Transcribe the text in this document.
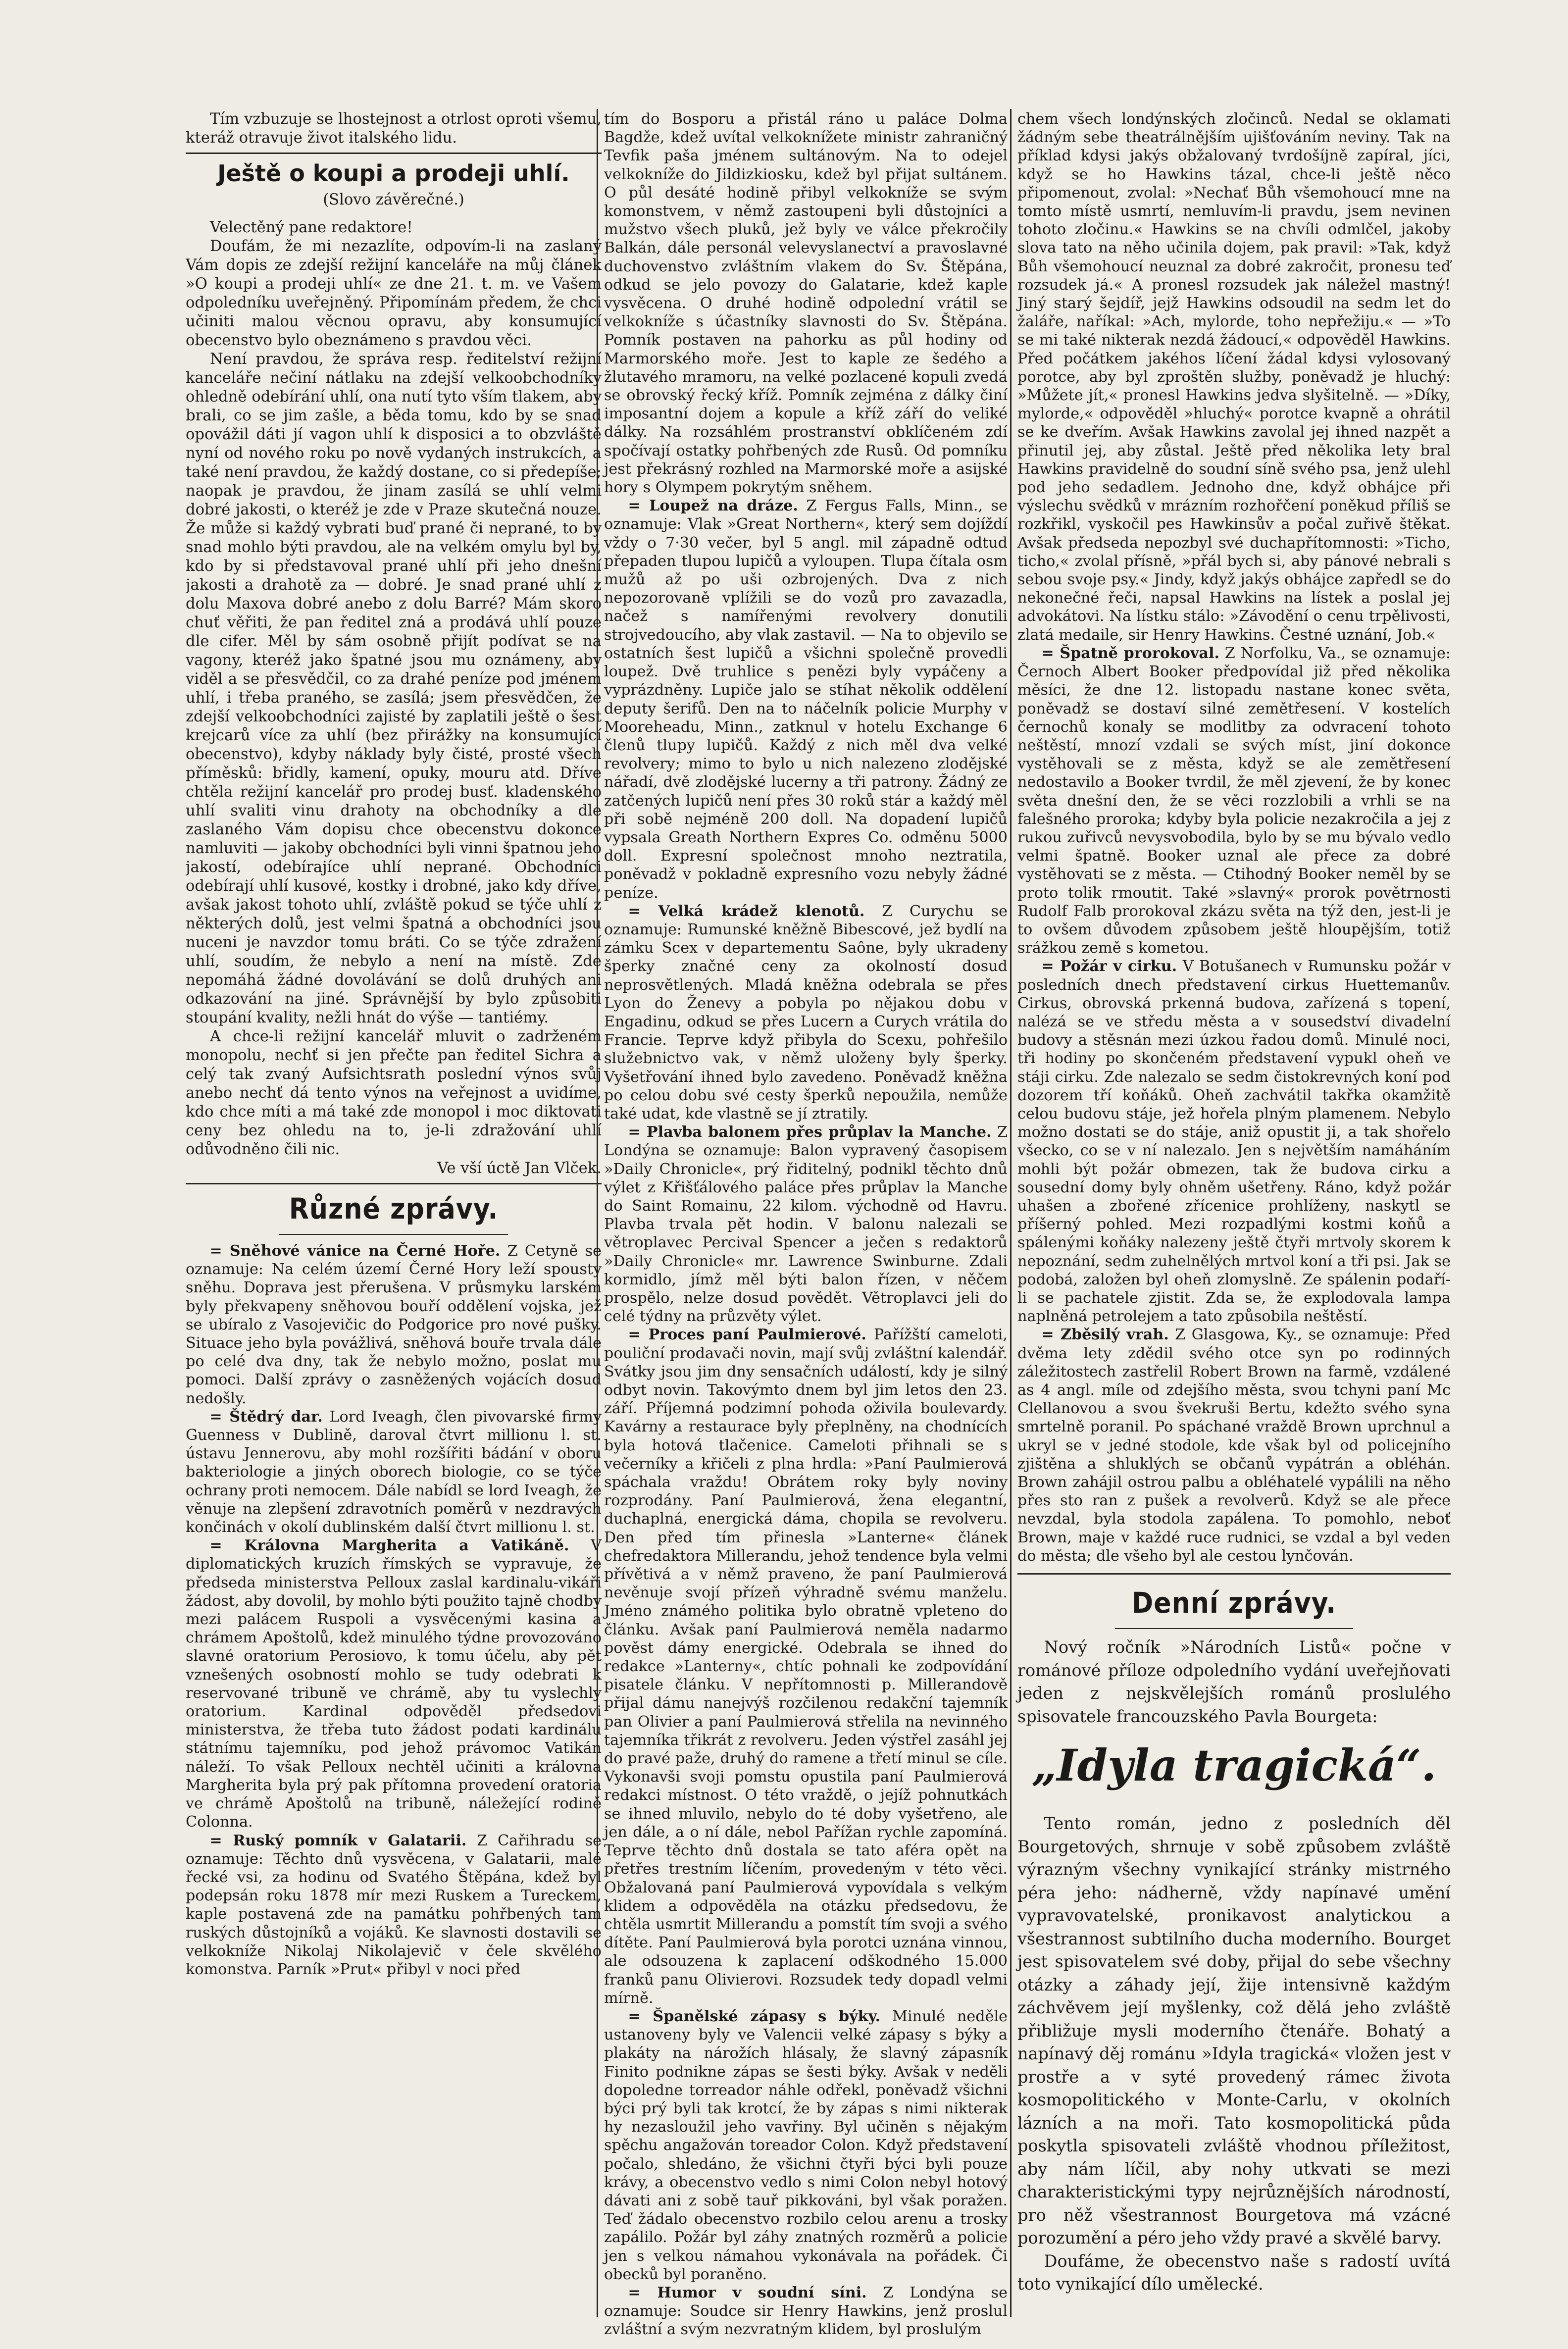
Tím vzbuzuje se lhostejnost a otrlost oproti všemu, kteráž otravuje život italského lidu.

Ještě o koupi a prodeji uhlí.

(Slovo závěrečné.)

Velectěný pane redaktore!

Doufám, že mi nezazlíte, odpovím-li na zaslaný Vám dopis ze zdejší režijní kanceláře na můj článek »O koupi a prodeji uhlí« ze dne 21. t. m. ve Vašem odpoledníku uveřejněný. Připomínám předem, že chci učiniti malou věcnou opravu, aby konsumující obecenstvo bylo obeznámeno s pravdou věci.

Není pravdou, že správa resp. ředitelství režijní kanceláře nečiní nátlaku na zdejší velkoobchodníky ohledně odebírání uhlí, ona nutí tyto vším tlakem, aby brali, co se jim zašle, a běda tomu, kdo by se snad opovážil dáti jí vagon uhlí k disposici a to obzvláště nyní od nového roku po nově vydaných instrukcích, a také není pravdou, že každý dostane, co si předepíše; naopak je pravdou, že jinam zasílá se uhlí velmi dobré jakosti, o kteréž je zde v Praze skutečná nouze. Že může si každý vybrati buď prané či neprané, to by snad mohlo býti pravdou, ale na velkém omylu byl by, kdo by si představoval prané uhlí při jeho dnešní jakosti a drahotě za — dobré. Je snad prané uhlí z dolu Maxova dobré anebo z dolu Barré? Mám skoro chuť věřiti, že pan ředitel zná a prodává uhlí pouze dle cifer. Měl by sám osobně přijít podívat se na vagony, kteréž jako špatné jsou mu oznámeny, aby viděl a se přesvědčil, co za drahé peníze pod jménem uhlí, i třeba praného, se zasílá; jsem přesvědčen, že zdejší velkoobchodníci zajisté by zaplatili ještě o šest krejcarů více za uhlí (bez přirážky na konsumující obecenstvo), kdyby náklady byly čisté, prosté všech příměsků: břidly, kamení, opuky, mouru atd. Dříve chtěla režijní kancelář pro prodej busť. kladenského uhlí svaliti vinu drahoty na obchodníky a dle zaslaného Vám dopisu chce obecenstvu dokonce namluviti — jakoby obchodníci byli vinni špatnou jeho jakostí, odebírajíce uhlí neprané. Obchodníci odebírají uhlí kusové, kostky i drobné, jako kdy dříve, avšak jakost tohoto uhlí, zvláště pokud se týče uhlí z některých dolů, jest velmi špatná a obchodníci jsou nuceni je navzdor tomu bráti. Co se týče zdražení uhlí, soudím, že nebylo a není na místě. Zde nepomáhá žádné dovolávání se dolů druhých ani odkazování na jiné. Správnější by bylo způsobiti stoupání kvality, nežli hnát do výše — tantiémy.

A chce-li režijní kancelář mluvit o zadrženém monopolu, nechť si jen přečte pan ředitel Sichra a celý tak zvaný Aufsichtsrath poslední výnos svůj anebo nechť dá tento výnos na veřejnost a uvidíme, kdo chce míti a má také zde monopol i moc diktovati ceny bez ohledu na to, je-li zdražování uhlí odůvodněno čili nic.

Ve vší úctě Jan Vlček.

Různé zprávy.

= Sněhové vánice na Černé Hoře. Z Cetyně se oznamuje: Na celém území Černé Hory leží spousty sněhu. Doprava jest přerušena. V průsmyku larském byly překvapeny sněhovou bouří oddělení vojska, jež se ubíralo z Vasojevičic do Podgorice pro nové pušky. Situace jeho byla povážlivá, sněhová bouře trvala dále po celé dva dny, tak že nebylo možno, poslat mu pomoci. Další zprávy o zasněžených vojácích dosud nedošly.

= Štědrý dar. Lord Iveagh, člen pivovarské firmy Guenness v Dublině, daroval čtvrt millionu l. st. ústavu Jennerovu, aby mohl rozšířiti bádání v oboru bakteriologie a jiných oborech biologie, co se týče ochrany proti nemocem. Dále nabídl se lord Iveagh, že věnuje na zlepšení zdravotních poměrů v nezdravých končinách v okolí dublinském další čtvrt millionu l. st.

= Královna Margherita a Vatikáně. V diplomatických kruzích římských se vypravuje, že předseda ministerstva Pelloux zaslal kardinalu-vikáři žádost, aby dovolil, by mohlo býti použito tajně chodby mezi palácem Ruspoli a vysvěcenými kasina a chrámem Apoštolů, kdež minulého týdne provozováno slavné oratorium Perosiovo, k tomu účelu, aby pět vznešených osobností mohlo se tudy odebrati k reservované tribuně ve chrámě, aby tu vyslechly oratorium. Kardinal odpověděl předsedovi ministerstva, že třeba tuto žádost podati kardinálu státnímu tajemníku, pod jehož právomoc Vatikán náleží. To však Pelloux nechtěl učiniti a královna Margherita byla prý pak přítomna provedení oratoria ve chrámě Apoštolů na tribuně, náležející rodině Colonna.

= Ruský pomník v Galatarii. Z Cařihradu se oznamuje: Těchto dnů vysvěcena, v Galatarii, malé řecké vsi, za hodinu od Svatého Štěpána, kdež byl podepsán roku 1878 mír mezi Ruskem a Tureckem, kaple postavená zde na památku pohřbených tam ruských důstojníků a vojáků. Ke slavnosti dostavili se velkokníže Nikolaj Nikolajevič v čele skvělého komonstva. Parník »Prut« přibyl v noci před

tím do Bosporu a přistál ráno u paláce Dolma Bagdže, kdež uvítal velkoknížete ministr zahraničný Tevfik paša jménem sultánovým. Na to odejel velkokníže do Jildizkiosku, kdež byl přijat sultánem. O půl desáté hodině přibyl velkokníže se svým komonstvem, v němž zastoupeni byli důstojníci a mužstvo všech pluků, jež byly ve válce překročily Balkán, dále personál velevyslanectví a pravoslavné duchovenstvo zvláštním vlakem do Sv. Štěpána, odkud se jelo povozy do Galatarie, kdež kaple vysvěcena. O druhé hodině odpolední vrátil se velkokníže s účastníky slavnosti do Sv. Štěpána. Pomník postaven na pahorku as půl hodiny od Marmorského moře. Jest to kaple ze šedého a žlutavého mramoru, na velké pozlacené kopuli zvedá se obrovský řecký kříž. Pomník zejména z dálky činí imposantní dojem a kopule a kříž září do veliké dálky. Na rozsáhlém prostranství obklíčeném zdí spočívají ostatky pohřbených zde Rusů. Od pomníku jest překrásný rozhled na Marmorské moře a asijské hory s Olympem pokrytým sněhem.

= Loupež na dráze. Z Fergus Falls, Minn., se oznamuje: Vlak »Great Northern«, který sem dojíždí vždy o 7·30 večer, byl 5 angl. mil západně odtud přepaden tlupou lupičů a vyloupen. Tlupa čítala osm mužů až po uši ozbrojených. Dva z nich nepozorovaně vplížili se do vozů pro zavazadla, načež s namířenými revolvery donutili strojvedoucího, aby vlak zastavil. — Na to objevilo se ostatních šest lupičů a všichni společně provedli loupež. Dvě truhlice s penězi byly vypáčeny a vyprázdněny. Lupiče jalo se stíhat několik oddělení deputy šerifů. Den na to náčelník policie Murphy v Mooreheadu, Minn., zatknul v hotelu Exchange 6 členů tlupy lupičů. Každý z nich měl dva velké revolvery; mimo to bylo u nich nalezeno zlodějské nářadí, dvě zlodějské lucerny a tři patrony. Žádný ze zatčených lupičů není přes 30 roků stár a každý měl při sobě nejméně 200 doll. Na dopadení lupičů vypsala Greath Northern Expres Co. odměnu 5000 doll. Expresní společnost mnoho neztratila, poněvadž v pokladně expresního vozu nebyly žádné peníze.

= Velká krádež klenotů. Z Curychu se oznamuje: Rumunské kněžně Bibescové, jež bydlí na zámku Scex v departementu Saône, byly ukradeny šperky značné ceny za okolností dosud neprosvětlených. Mladá kněžna odebrala se přes Lyon do Ženevy a pobyla po nějakou dobu v Engadinu, odkud se přes Lucern a Curych vrátila do Francie. Teprve když přibyla do Scexu, pohřešilo služebnictvo vak, v němž uloženy byly šperky. Vyšetřování ihned bylo zavedeno. Poněvadž kněžna po celou dobu své cesty šperků nepoužila, nemůže také udat, kde vlastně se jí ztratily.

= Plavba balonem přes průplav la Manche. Z Londýna se oznamuje: Balon vypravený časopisem »Daily Chronicle«, prý řiditelný, podnikl těchto dnů výlet z Křišťálového paláce přes průplav la Manche do Saint Romainu, 22 kilom. východně od Havru. Plavba trvala pět hodin. V balonu nalezali se větroplavec Percival Spencer a ječen s redaktorů »Daily Chronicle« mr. Lawrence Swinburne. Zdali kormidlo, jímž měl býti balon řízen, v něčem prospělo, nelze dosud povědět. Větroplavci jeli do celé týdny na průzvěty výlet.

= Proces paní Paulmierové. Pařížští cameloti, pouliční prodavači novin, mají svůj zvláštní kalendář. Svátky jsou jim dny sensačních událostí, kdy je silný odbyt novin. Takovýmto dnem byl jim letos den 23. září. Příjemná podzimní pohoda oživila boulevardy. Kavárny a restaurace byly přeplněny, na chodnících byla hotová tlačenice. Cameloti přihnali se s večerníky a křičeli z plna hrdla: »Paní Paulmierová spáchala vraždu! Obrátem roky byly noviny rozprodány. Paní Paulmierová, žena elegantní, duchaplná, energická dáma, chopila se revolveru. Den před tím přinesla »Lanterne« článek chefredaktora Millerandu, jehož tendence byla velmi přívětivá a v němž praveno, že paní Paulmierová nevěnuje svojí přízeň výhradně svému manželu. Jméno známého politika bylo obratně vpleteno do článku. Avšak paní Paulmierová neměla nadarmo pověst dámy energické. Odebrala se ihned do redakce »Lanterny«, chtíc pohnali ke zodpovídání pisatele článku. V nepřítomnosti p. Millerandově přijal dámu nanejvýš rozčilenou redakční tajemník pan Olivier a paní Paulmierová střelila na nevinného tajemníka třikrát z revolveru. Jeden výstřel zasáhl jej do pravé paže, druhý do ramene a třetí minul se cíle. Vykonavši svoji pomstu opustila paní Paulmierová redakci místnost. O této vraždě, o jejíž pohnutkách se ihned mluvilo, nebylo do té doby vyšetřeno, ale jen dále, a o ní dále, nebol Pařížan rychle zapomíná. Teprve těchto dnů dostala se tato aféra opět na přetřes trestním líčením, provedeným v této věci. Obžalovaná paní Paulmierová vypovídala s velkým klidem a odpověděla na otázku předsedovu, že chtěla usmrtit Millerandu a pomstít tím svoji a svého dítěte. Paní Paulmierová byla porotci uznána vinnou, ale odsouzena k zaplacení odškodného 15.000 franků panu Olivierovi. Rozsudek tedy dopadl velmi mírně.

= Španělské zápasy s býky. Minulé neděle ustanoveny byly ve Valencii velké zápasy s býky a plakáty na nárožích hlásaly, že slavný zápasník Finito podnikne zápas se šesti býky. Avšak v neděli dopoledne torreador náhle odřekl, poněvadž všichni býci prý byli tak krotcí, že by zápas s nimi nikterak hy nezasloužil jeho vavřiny. Byl učiněn s nějakým spěchu angažován toreador Colon. Když představení počalo, shledáno, že všichni čtyři býci byli pouze krávy, a obecenstvo vedlo s nimi Colon nebyl hotový dávati ani z sobě tauř pikkováni, byl však poražen. Teď žádalo obecenstvo rozbilo celou arenu a trosky zapálilo. Požár byl záhy znatných rozměrů a policie jen s velkou námahou vykonávala na pořádek. Či obecků byl poraněno.

= Humor v soudní síni. Z Londýna se oznamuje: Soudce sir Henry Hawkins, jenž proslul zvláštní a svým nezvratným klidem, byl proslulým

chem všech londýnských zločinců. Nedal se oklamati žádným sebe theatrálnějším ujišťováním neviny. Tak na příklad kdysi jakýs obžalovaný tvrdošíjně zapíral, jíci, když se ho Hawkins tázal, chce-li ještě něco připomenout, zvolal: »Nechať Bůh všemohoucí mne na tomto místě usmrtí, nemluvím-li pravdu, jsem nevinen tohoto zločinu.« Hawkins se na chvíli odmlčel, jakoby slova tato na něho učinila dojem, pak pravil: »Tak, když Bůh všemohoucí neuznal za dobré zakročit, pronesu teď rozsudek já.« A pronesl rozsudek jak náležel mastný! Jiný starý šejdíř, jejž Hawkins odsoudil na sedm let do žaláře, naříkal: »Ach, mylorde, toho nepřežiju.« — »To se mi také nikterak nezdá žádoucí,« odpověděl Hawkins. Před počátkem jakéhos líčení žádal kdysi vylosovaný porotce, aby byl zproštěn služby, poněvadž je hluchý: »Můžete jít,« pronesl Hawkins jedva slyšitelně. — »Díky, mylorde,« odpověděl »hluchý« porotce kvapně a ohrátil se ke dveřím. Avšak Hawkins zavolal jej ihned nazpět a přinutil jej, aby zůstal. Ještě před několika lety bral Hawkins pravidelně do soudní síně svého psa, jenž ulehl pod jeho sedadlem. Jednoho dne, když obhájce při výslechu svědků v mrázním rozhořčení poněkud příliš se rozkřikl, vyskočil pes Hawkinsův a počal zuřivě štěkat. Avšak předseda nepozbyl své duchapřítomnosti: »Ticho, ticho,« zvolal přísně, »přál bych si, aby pánové nebrali s sebou svoje psy.« Jindy, když jakýs obhájce zapředl se do nekonečné řeči, napsal Hawkins na lístek a poslal jej advokátovi. Na lístku stálo: »Závodění o cenu trpělivosti, zlatá medaile, sir Henry Hawkins. Čestné uznání, Job.«

= Špatně prorokoval. Z Norfolku, Va., se oznamuje: Černoch Albert Booker předpovídal již před několika měsíci, že dne 12. listopadu nastane konec světa, poněvadž se dostaví silné zemětřesení. V kostelích černochů konaly se modlitby za odvracení tohoto neštěstí, mnozí vzdali se svých míst, jiní dokonce vystěhovali se z města, když se ale zemětřesení nedostavilo a Booker tvrdil, že měl zjevení, že by konec světa dnešní den, že se věci rozzlobili a vrhli se na falešného proroka; kdyby byla policie nezakročila a jej z rukou zuřivců nevysvobodila, bylo by se mu bývalo vedlo velmi špatně. Booker uznal ale přece za dobré vystěhovati se z města. — Ctihodný Booker neměl by se proto tolik rmoutit. Také »slavný« prorok povětrnosti Rudolf Falb prorokoval zkázu světa na týž den, jest-li je to ovšem důvodem způsobem ještě hloupějším, totiž srážkou země s kometou.

= Požár v cirku. V Botušanech v Rumunsku požár v posledních dnech představení cirkus Huettemanův. Cirkus, obrovská prkenná budova, zařízená s topení, nalézá se ve středu města a v sousedství divadelní budovy a stěsnán mezi úzkou řadou domů. Minulé noci, tři hodiny po skončeném představení vypukl oheň ve stáji cirku. Zde nalezalo se sedm čistokrevných koní pod dozorem tří koňáků. Oheň zachvátil takřka okamžitě celou budovu stáje, jež hořela plným plamenem. Nebylo možno dostati se do stáje, aniž opustit ji, a tak shořelo všecko, co se v ní nalezalo. Jen s největším namáháním mohli být požár obmezen, tak že budova cirku a sousední domy byly ohněm ušetřeny. Ráno, když požár uhašen a zbořené zřícenice prohlíženy, naskytl se příšerný pohled. Mezi rozpadlými kostmi koňů a spálenými koňáky nalezeny ještě čtyři mrtvoly skorem k nepoznání, sedm zuhelnělých mrtvol koní a tři psi. Jak se podobá, založen byl oheň zlomyslně. Ze spálenin podaří-li se pachatele zjistit. Zda se, že explodovala lampa naplněná petrolejem a tato způsobila neštěstí.

= Zběsilý vrah. Z Glasgowa, Ky., se oznamuje: Před dvěma lety zdědil svého otce syn po rodinných záležitostech zastřelil Robert Brown na farmě, vzdálené as 4 angl. míle od zdejšího města, svou tchyni paní Mc Clellanovou a svou švekruši Bertu, kdežto svého syna smrtelně poranil. Po spáchané vraždě Brown uprchnul a ukryl se v jedné stodole, kde však byl od policejního zjištěna a shluklých se občanů vypátrán a obléhán. Brown zahájil ostrou palbu a obléhatelé vypálili na něho přes sto ran z pušek a revolverů. Když se ale přece nevzdal, byla stodola zapálena. To pomohlo, neboť Brown, maje v každé ruce rudnici, se vzdal a byl veden do města; dle všeho byl ale cestou lynčován.

Denní zprávy.

Nový ročník »Národních Listů« počne v románové příloze odpoledního vydání uveřejňovati jeden z nejskvělejších románů proslulého spisovatele francouzského Pavla Bourgeta:

„Idyla tragická“.

Tento román, jedno z posledních děl Bourgetových, shrnuje v sobě způsobem zvláště výrazným všechny vynikající stránky mistrného péra jeho: nádherně, vždy napínavé umění vypravovatelské, pronikavost analytickou a všestrannost subtilního ducha moderního. Bourget jest spisovatelem své doby, přijal do sebe všechny otázky a záhady její, žije intensivně každým záchvěvem její myšlenky, což dělá jeho zvláště přibližuje mysli moderního čtenáře. Bohatý a napínavý děj románu »Idyla tragická« vložen jest v prostře a v syté provedený rámec života kosmopolitického v Monte-Carlu, v okolních lázních a na moři. Tato kosmopolitická půda poskytla spisovateli zvláště vhodnou příležitost, aby nám líčil, aby nohy utkvati se mezi charakteristickými typy nejrůznějších národností, pro něž všestrannost Bourgetova má vzácné porozumění a péro jeho vždy pravé a skvělé barvy.

Doufáme, že obecenstvo naše s radostí uvítá toto vynikající dílo umělecké.
